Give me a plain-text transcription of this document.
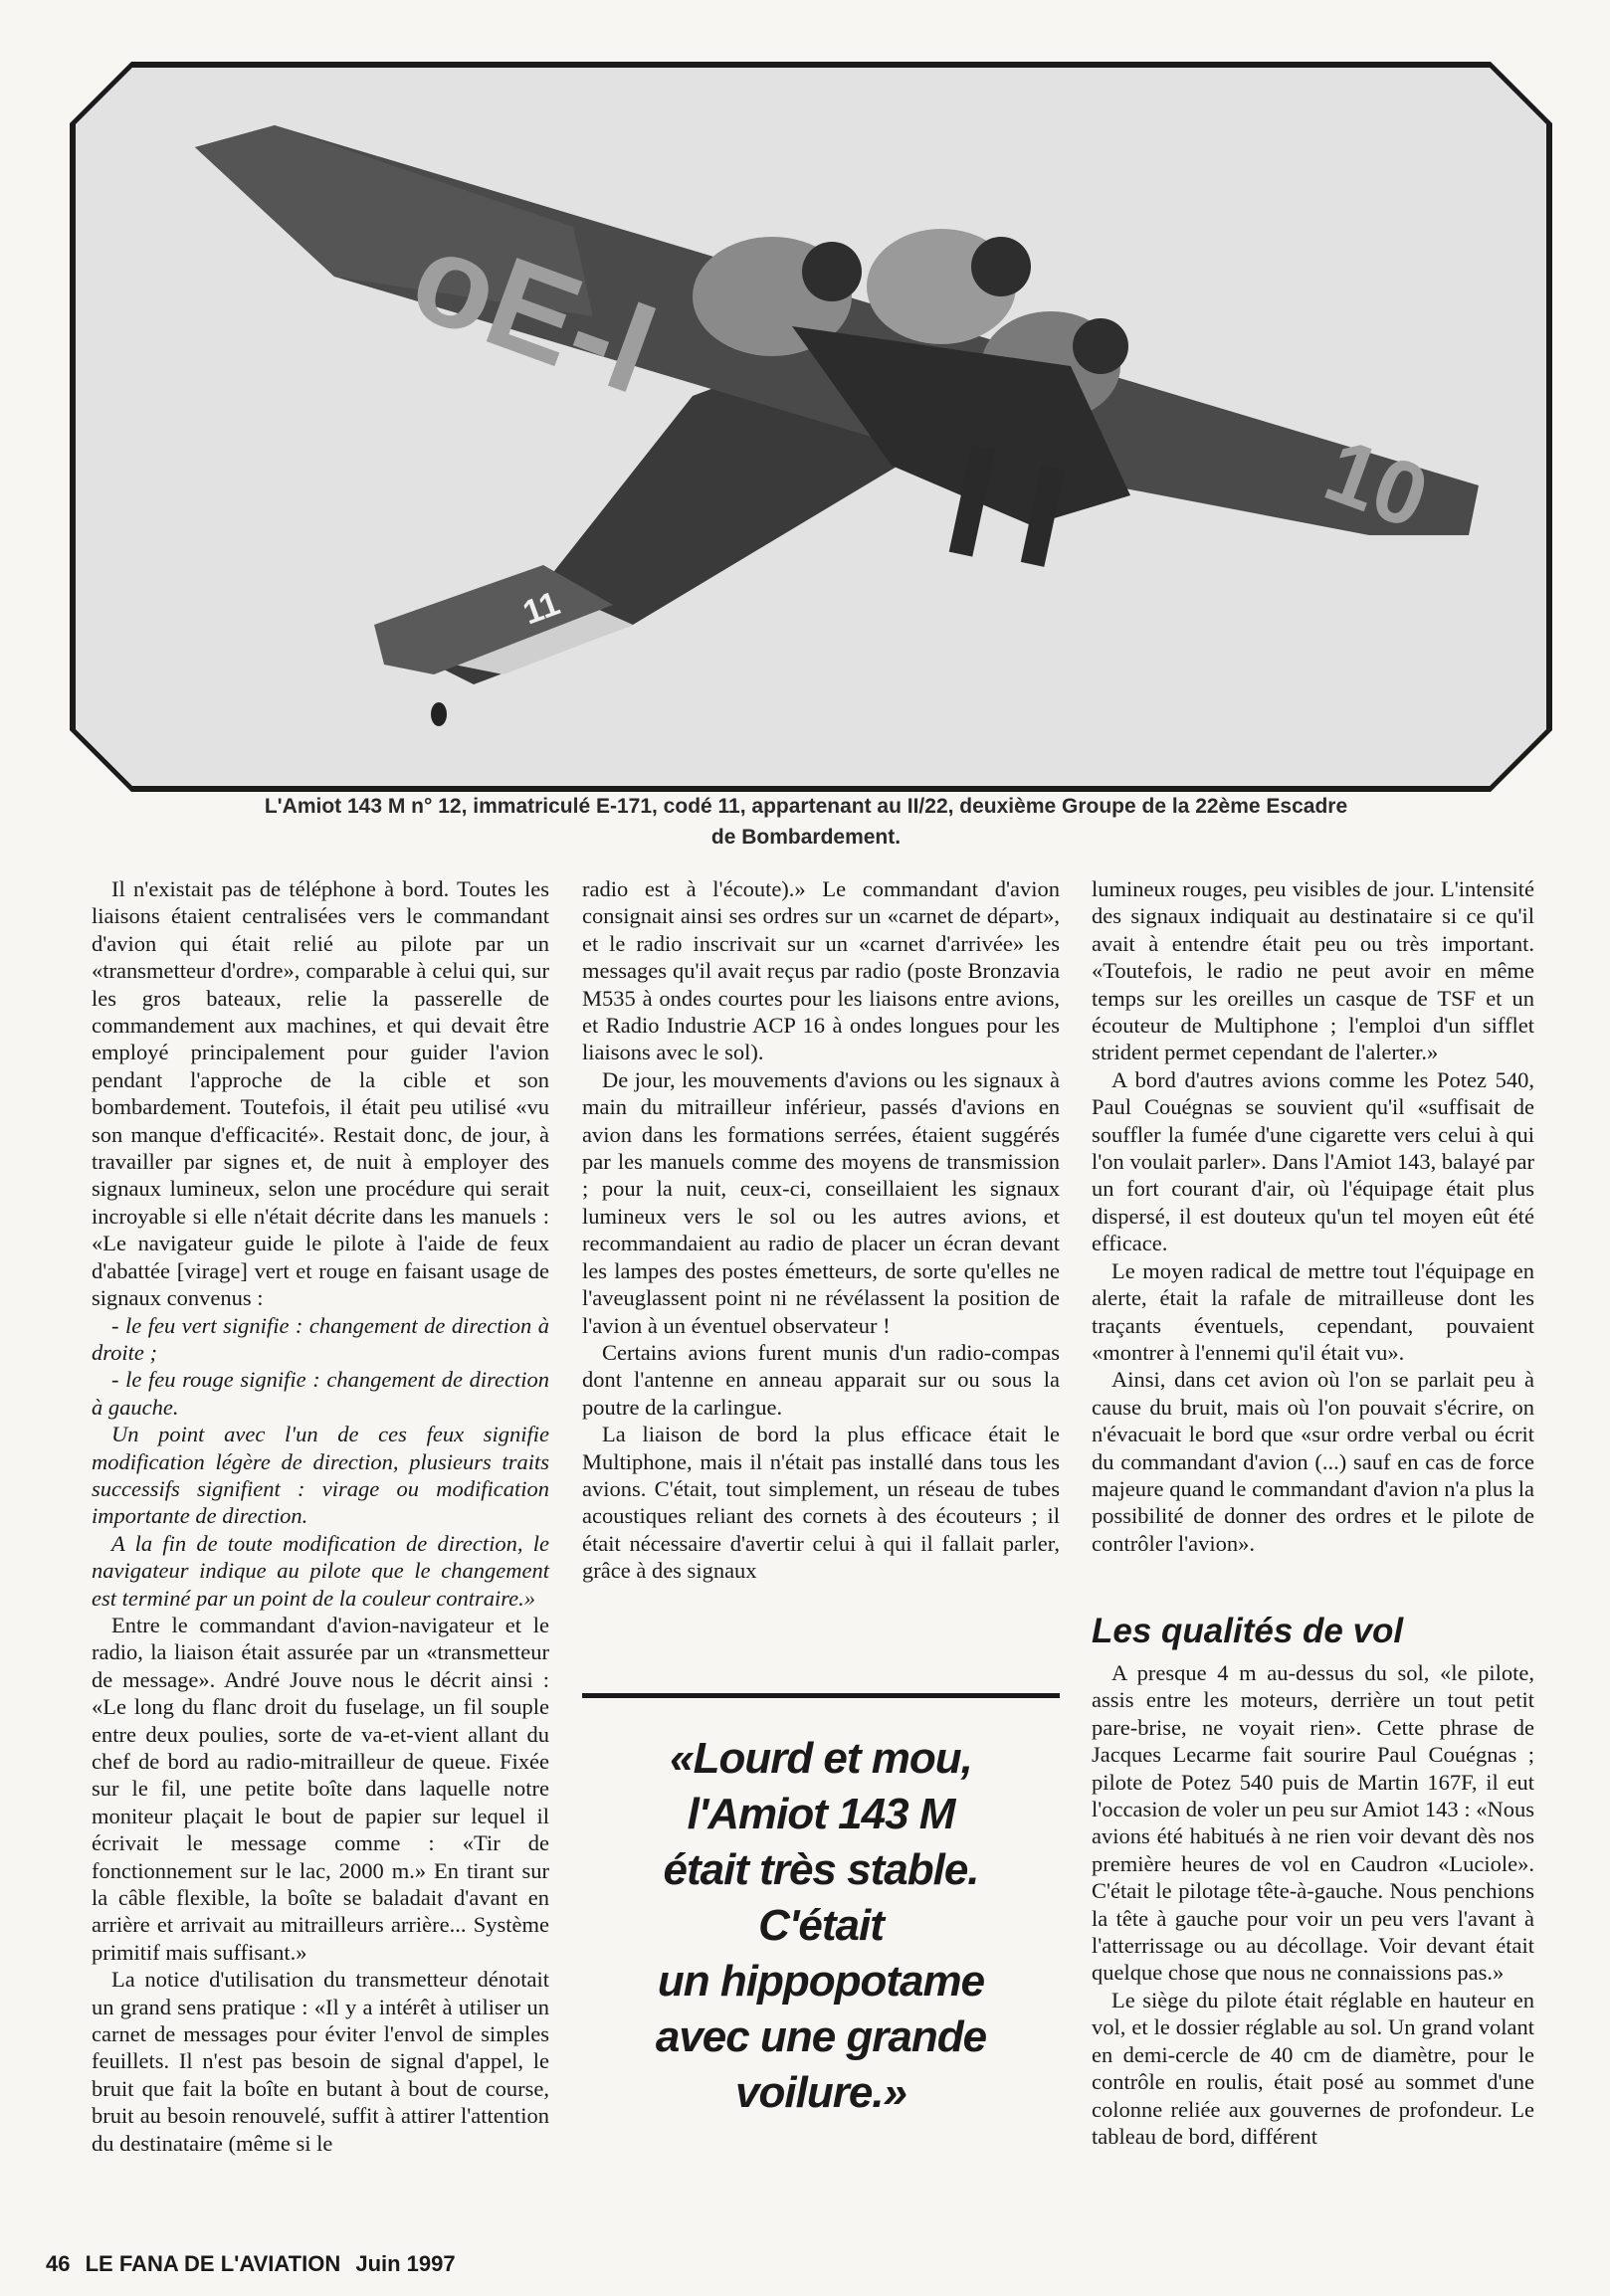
oE-I
10
11
L'Amiot 143 M n° 12, immatriculé E-171, codé 11, appartenant au II/22, deuxième Groupe de la 22ème Escadre
de Bombardement.

Il n'existait pas de téléphone à bord. Toutes les liaisons étaient centralisées vers le commandant d'avion qui était relié au pilote par un «transmetteur d'ordre», comparable à celui qui, sur les gros bateaux, relie la passerelle de commandement aux machines, et qui devait être employé principalement pour guider l'avion pendant l'approche de la cible et son bombardement. Toutefois, il était peu utilisé «vu son manque d'efficacité». Restait donc, de jour, à travailler par signes et, de nuit à employer des signaux lumineux, selon une procédure qui serait incroyable si elle n'était décrite dans les manuels : «Le navigateur guide le pilote à l'aide de feux d'abattée [virage] vert et rouge en faisant usage de signaux convenus :

- le feu vert signifie : changement de direction à droite ;

- le feu rouge signifie : changement de direction à gauche.

Un point avec l'un de ces feux signifie modification légère de direction, plusieurs traits successifs signifient : virage ou modification importante de direction.

A la fin de toute modification de direction, le navigateur indique au pilote que le changement est terminé par un point de la couleur contraire.»

Entre le commandant d'avion-navigateur et le radio, la liaison était assurée par un «transmetteur de message». André Jouve nous le décrit ainsi : «Le long du flanc droit du fuselage, un fil souple entre deux poulies, sorte de va-et-vient allant du chef de bord au radio-mitrailleur de queue. Fixée sur le fil, une petite boîte dans laquelle notre moniteur plaçait le bout de papier sur lequel il écrivait le message comme : «Tir de fonctionnement sur le lac, 2000 m.» En tirant sur la câble flexible, la boîte se baladait d'avant en arrière et arrivait au mitrailleurs arrière... Système primitif mais suffisant.»

La notice d'utilisation du transmetteur dénotait un grand sens pratique : «Il y a intérêt à utiliser un carnet de messages pour éviter l'envol de simples feuillets. Il n'est pas besoin de signal d'appel, le bruit que fait la boîte en butant à bout de course, bruit au besoin renouvelé, suffit à attirer l'attention du destinataire (même si le

radio est à l'écoute).» Le commandant d'avion consignait ainsi ses ordres sur un «carnet de départ», et le radio inscrivait sur un «carnet d'arrivée» les messages qu'il avait reçus par radio (poste Bronzavia M535 à ondes courtes pour les liaisons entre avions, et Radio Industrie ACP 16 à ondes longues pour les liaisons avec le sol).

De jour, les mouvements d'avions ou les signaux à main du mitrailleur inférieur, passés d'avions en avion dans les formations serrées, étaient suggérés par les manuels comme des moyens de transmission ; pour la nuit, ceux-ci, conseillaient les signaux lumineux vers le sol ou les autres avions, et recommandaient au radio de placer un écran devant les lampes des postes émetteurs, de sorte qu'elles ne l'aveuglassent point ni ne révélassent la position de l'avion à un éventuel observateur !

Certains avions furent munis d'un radio-compas dont l'antenne en anneau apparait sur ou sous la poutre de la carlingue.

La liaison de bord la plus efficace était le Multiphone, mais il n'était pas installé dans tous les avions. C'était, tout simplement, un réseau de tubes acoustiques reliant des cornets à des écouteurs ; il était nécessaire d'avertir celui à qui il fallait parler, grâce à des signaux

«Lourd et mou,
l'Amiot 143 M
était très stable.
C'était
un hippopotame
avec une grande
voilure.»

lumineux rouges, peu visibles de jour. L'intensité des signaux indiquait au destinataire si ce qu'il avait à entendre était peu ou très important. «Toutefois, le radio ne peut avoir en même temps sur les oreilles un casque de TSF et un écouteur de Multiphone ; l'emploi d'un sifflet strident permet cependant de l'alerter.»

A bord d'autres avions comme les Potez 540, Paul Couégnas se souvient qu'il «suffisait de souffler la fumée d'une cigarette vers celui à qui l'on voulait parler». Dans l'Amiot 143, balayé par un fort courant d'air, où l'équipage était plus dispersé, il est douteux qu'un tel moyen eût été efficace.

Le moyen radical de mettre tout l'équipage en alerte, était la rafale de mitrailleuse dont les traçants éventuels, cependant, pouvaient «montrer à l'ennemi qu'il était vu».

Ainsi, dans cet avion où l'on se parlait peu à cause du bruit, mais où l'on pouvait s'écrire, on n'évacuait le bord que «sur ordre verbal ou écrit du commandant d'avion (...) sauf en cas de force majeure quand le commandant d'avion n'a plus la possibilité de donner des ordres et le pilote de contrôler l'avion».

Les qualités de vol

A presque 4 m au-dessus du sol, «le pilote, assis entre les moteurs, derrière un tout petit pare-brise, ne voyait rien». Cette phrase de Jacques Lecarme fait sourire Paul Couégnas ; pilote de Potez 540 puis de Martin 167F, il eut l'occasion de voler un peu sur Amiot 143 : «Nous avions été habitués à ne rien voir devant dès nos première heures de vol en Caudron «Luciole». C'était le pilotage tête-à-gauche. Nous penchions la tête à gauche pour voir un peu vers l'avant à l'atterrissage ou au décollage. Voir devant était quelque chose que nous ne connaissions pas.»

Le siège du pilote était réglable en hauteur en vol, et le dossier réglable au sol. Un grand volant en demi-cercle de 40 cm de diamètre, pour le contrôle en roulis, était posé au sommet d'une colonne reliée aux gouvernes de profondeur. Le tableau de bord, différent

46 LE FANA DE L'AVIATION Juin 1997
